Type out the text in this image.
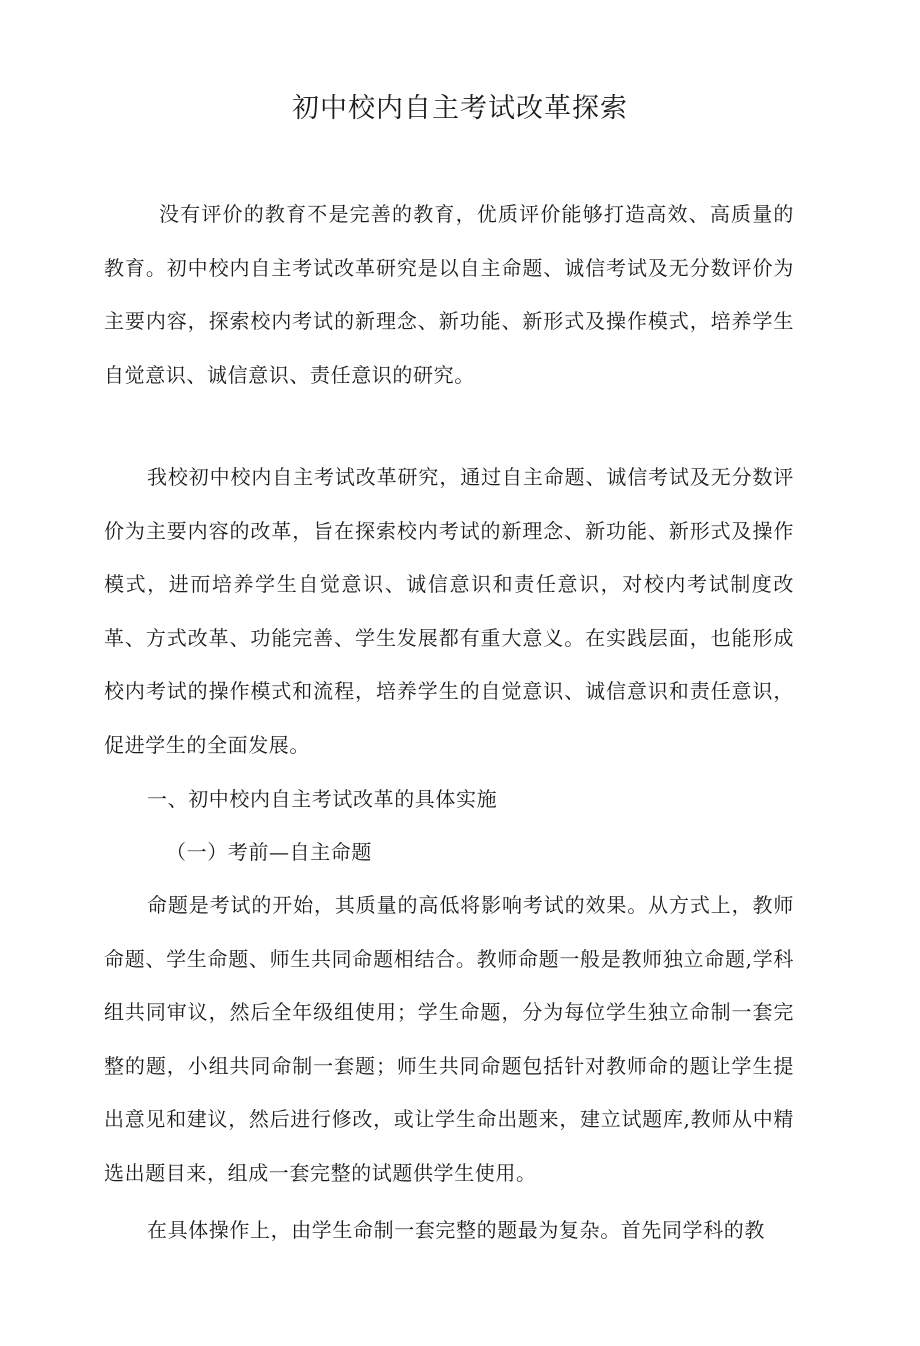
初中校内自主考试改革探索

没有评价的教育不是完善的教育，优质评价能够打造高效、高质量的教育。初中校内自主考试改革研究是以自主命题、诚信考试及无分数评价为主要内容，探索校内考试的新理念、新功能、新形式及操作模式，培养学生自觉意识、诚信意识、责任意识的研究。

我校初中校内自主考试改革研究，通过自主命题、诚信考试及无分数评价为主要内容的改革，旨在探索校内考试的新理念、新功能、新形式及操作模式，进而培养学生自觉意识、诚信意识和责任意识，对校内考试制度改革、方式改革、功能完善、学生发展都有重大意义。在实践层面，也能形成校内考试的操作模式和流程，培养学生的自觉意识、诚信意识和责任意识，促进学生的全面发展。

一、初中校内自主考试改革的具体实施

（一）考前—自主命题

命题是考试的开始，其质量的高低将影响考试的效果。从方式上，教师命题、学生命题、师生共同命题相结合。教师命题一般是教师独立命题,学科组共同审议，然后全年级组使用；学生命题，分为每位学生独立命制一套完整的题，小组共同命制一套题；师生共同命题包括针对教师命的题让学生提出意见和建议，然后进行修改，或让学生命出题来，建立试题库,教师从中精选出题目来，组成一套完整的试题供学生使用。

在具体操作上，由学生命制一套完整的题最为复杂。首先同学科的教
